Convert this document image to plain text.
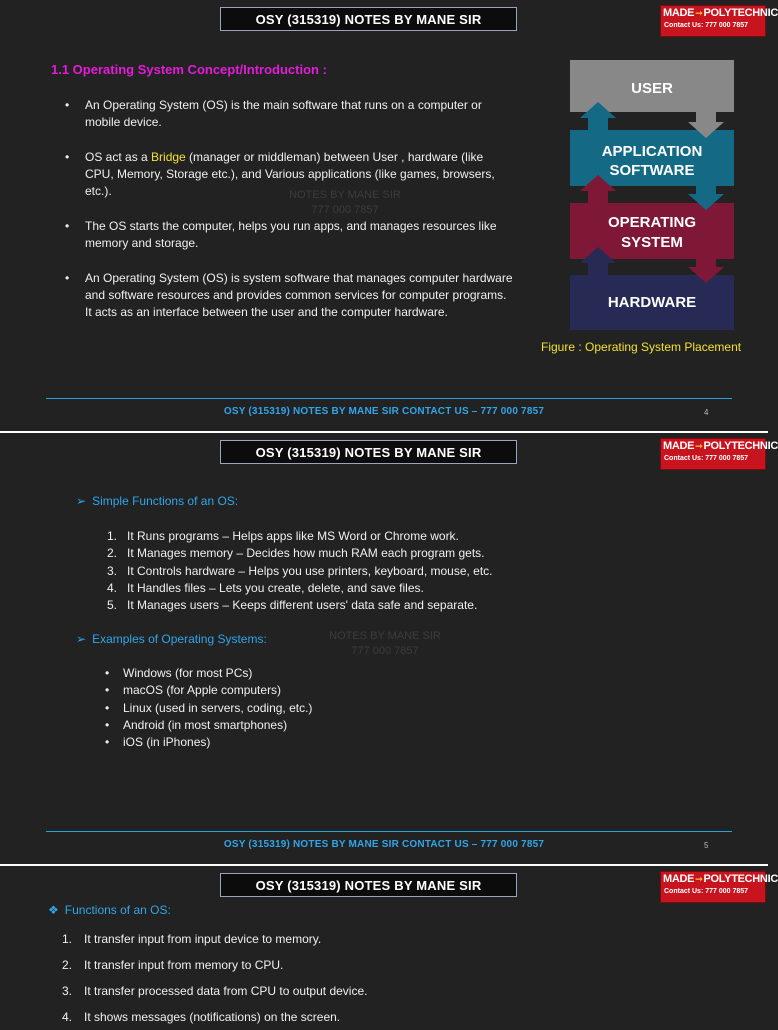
OSY (315319) NOTES BY MANE SIR	MADE➞POLYTECHNIC
Contact Us: 777 000 7857
1.1 Operating System Concept/Introduction :
• An Operating System (OS) is the main software that runs on a computer or mobile device.
• OS act as a Bridge (manager or middleman) between User , hardware (like CPU, Memory, Storage etc.), and Various applications (like games, browsers, etc.).
• The OS starts the computer, helps you run apps, and manages resources like memory and storage.
• An Operating System (OS) is system software that manages computer hardware and software resources and provides common services for computer programs. It acts as an interface between the user and the computer hardware.
NOTES BY MANE SIR
777 000 7857
USER
APPLICATION
SOFTWARE
OPERATING
SYSTEM
HARDWARE
Figure : Operating System Placement
OSY (315319) NOTES BY MANE SIR CONTACT US – 777 000 7857	4
OSY (315319) NOTES BY MANE SIR	MADE➞POLYTECHNIC
Contact Us: 777 000 7857
➢ Simple Functions of an OS:
1. It Runs programs – Helps apps like MS Word or Chrome work.
2. It Manages memory – Decides how much RAM each program gets.
3. It Controls hardware – Helps you use printers, keyboard, mouse, etc.
4. It Handles files – Lets you create, delete, and save files.
5. It Manages users – Keeps different users' data safe and separate.
➢ Examples of Operating Systems:	NOTES BY MANE SIR
777 000 7857
• Windows (for most PCs)
• macOS (for Apple computers)
• Linux (used in servers, coding, etc.)
• Android (in most smartphones)
• iOS (in iPhones)
OSY (315319) NOTES BY MANE SIR CONTACT US – 777 000 7857	5
OSY (315319) NOTES BY MANE SIR	MADE➞POLYTECHNIC
Contact Us: 777 000 7857
❖ Functions of an OS:
1. It transfer input from input device to memory.
2. It transfer input from memory to CPU.
3. It transfer processed data from CPU to output device.
4. It shows messages (notifications) on the screen.
